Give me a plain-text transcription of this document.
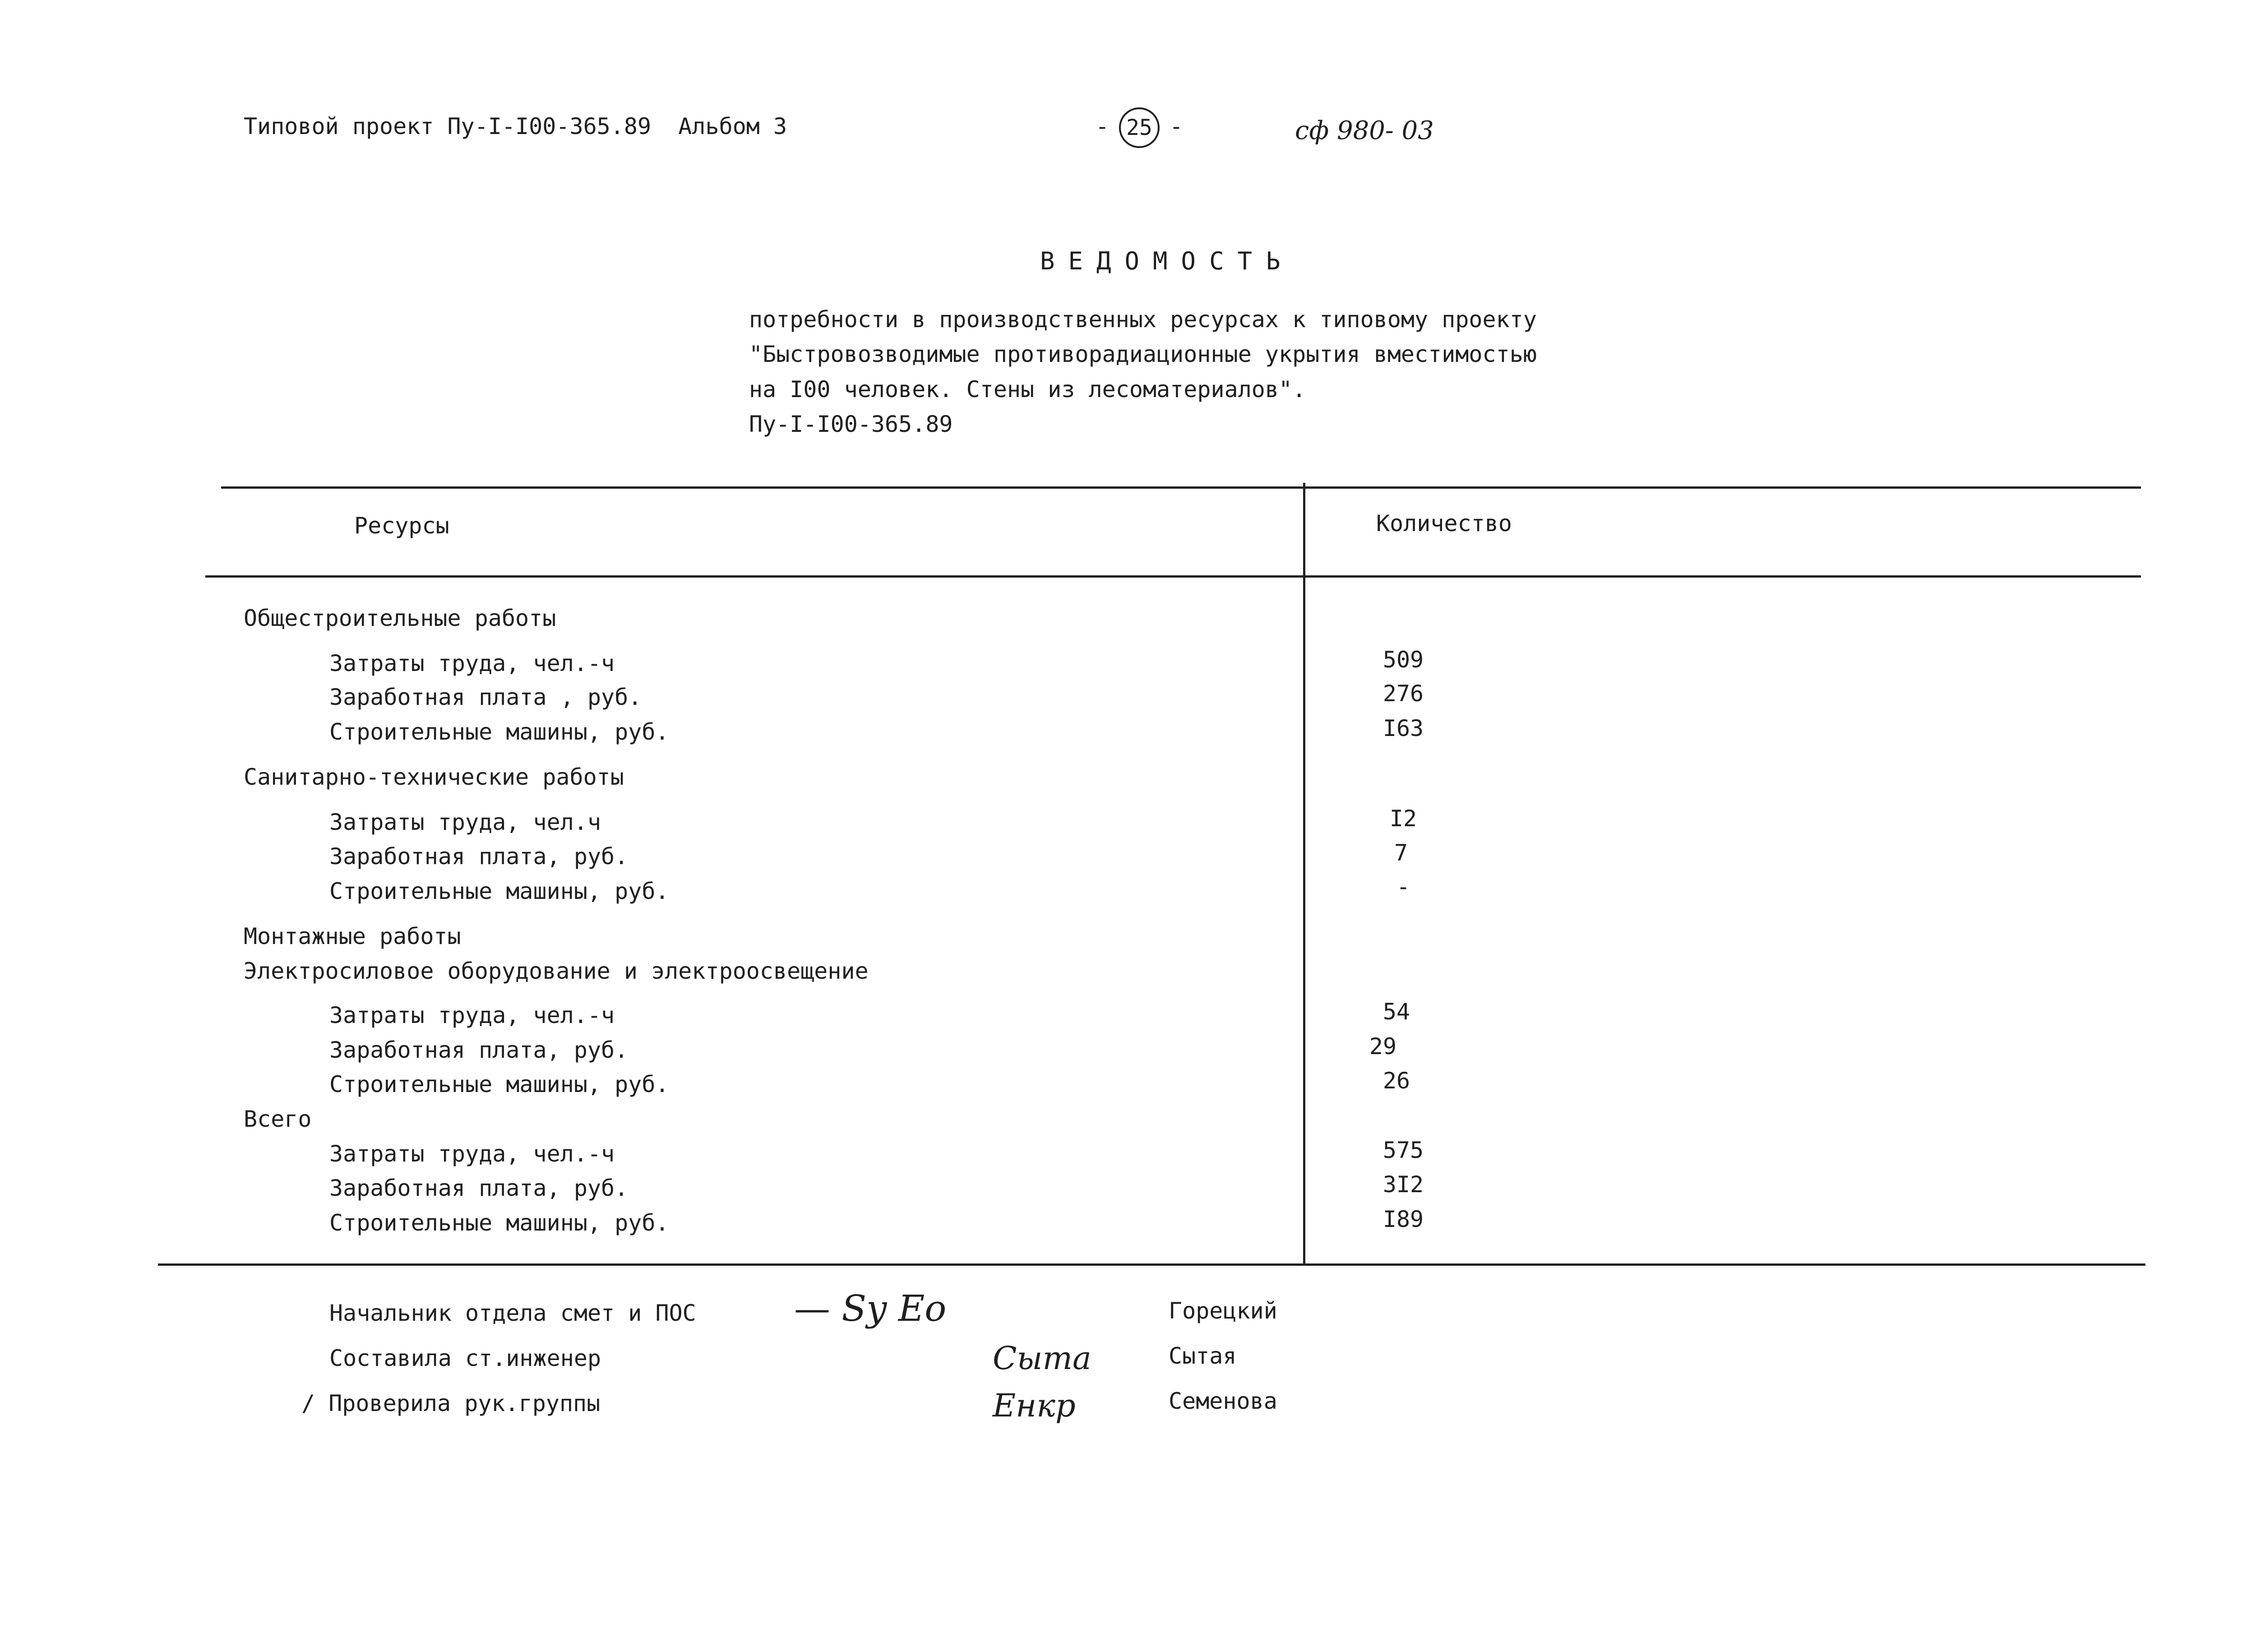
Типовой проект Пу-I-I00-365.89  Альбом 3	- 25 -	сф 980- 03
ВЕДОМОСТЬ
потребности в производственных ресурсах к типовому проекту
"Быстровозводимые противорадиационные укрытия вместимостью
на I00 человек. Стены из лесоматериалов".
Пу-I-I00-365.89
Ресурсы	Количество
Общестроительные работы
Затраты труда, чел.-ч	509
Заработная плата , руб.	276
Строительные машины, руб.	I63
Санитарно-технические работы
Затраты труда, чел.ч	I2
Заработная плата, руб.	7
Строительные машины, руб.	-
Монтажные работы
Электросиловое оборудование и электроосвещение
Затраты труда, чел.-ч	54
Заработная плата, руб.	29
Строительные машины, руб.	26
Всего
Затраты труда, чел.-ч	575
Заработная плата, руб.	3I2
Строительные машины, руб.	I89
Начальник отдела смет и ПОС	— Sy Eo	Горецкий
Составила ст.инженер	Сыта	Сытая
/ Проверила рук.группы	Енкр	Семенова
